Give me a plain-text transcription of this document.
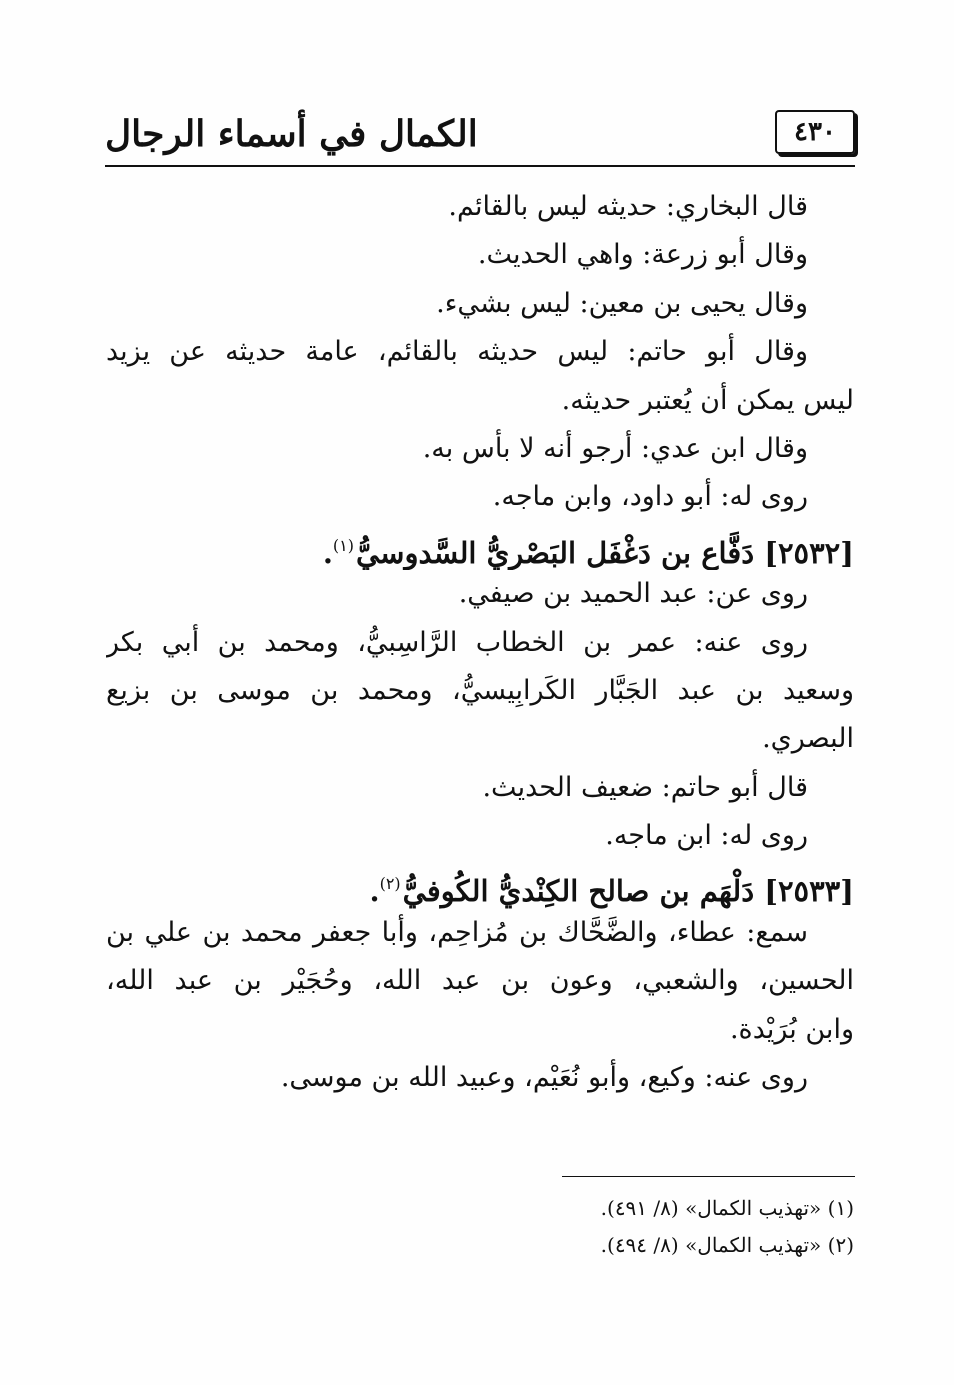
الكمال في أسماء الرجال	٤٣٠
قال البخاري: حديثه ليس بالقائم.
وقال أبو زرعة: واهي الحديث.
وقال يحيى بن معين: ليس بشيء.
وقال أبو حاتم: ليس حديثه بالقائم، عامة حديثه عن يزيد
ليس يمكن أن يُعتبر حديثه.
وقال ابن عدي: أرجو أنه لا بأس به.
روى له: أبو داود، وابن ماجه.
[٢٥٣٢] دَفَّاع بن دَغْفَل البَصْريُّ السَّدوسيُّ$^{(١)}$.
روى عن: عبد الحميد بن صيفي.
روى عنه: عمر بن الخطاب الرَّاسِبيُّ، ومحمد بن أبي بكر
وسعيد بن عبد الجَبَّار الكَرابِيسيُّ، ومحمد بن موسى بن بزيع
البصري.
قال أبو حاتم: ضعيف الحديث.
روى له: ابن ماجه.
[٢٥٣٣] دَلْهَم بن صالح الكِنْديُّ الكُوفيُّ$^{(٢)}$.
سمع: عطاء، والضَّحَّاك بن مُزاحِم، وأبا جعفر محمد بن علي بن
الحسين، والشعبي، وعون بن عبد الله، وحُجَيْر بن عبد الله،
وابن بُرَيْدة.
روى عنه: وكيع، وأبو نُعَيْم، وعبيد الله بن موسى.
(١) «تهذيب الكمال» (٨/ ٤٩١).
(٢) «تهذيب الكمال» (٨/ ٤٩٤).
